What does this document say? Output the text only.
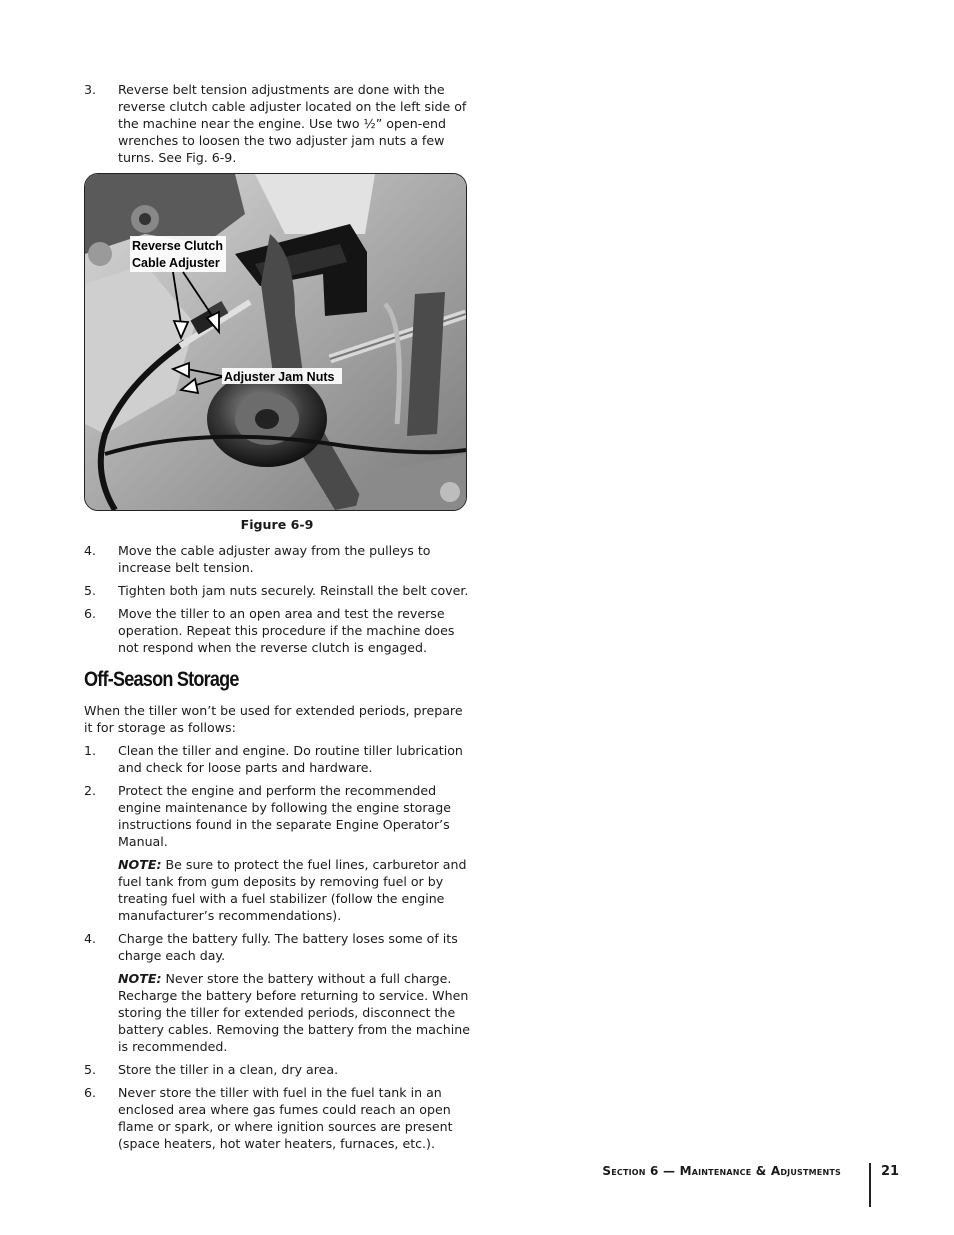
3. Reverse belt tension adjustments are done with the reverse clutch cable adjuster located on the left side of the machine near the engine. Use two ½” open-end wrenches to loosen the two adjuster jam nuts a few turns. See Fig. 6-9.
Reverse Clutch
Cable Adjuster
Adjuster Jam Nuts
Figure 6-9
4. Move the cable adjuster away from the pulleys to increase belt tension.
5. Tighten both jam nuts securely. Reinstall the belt cover.
6. Move the tiller to an open area and test the reverse operation. Repeat this procedure if the machine does not respond when the reverse clutch is engaged.
Off-Season Storage
When the tiller won’t be used for extended periods, prepare it for storage as follows:
1. Clean the tiller and engine. Do routine tiller lubrication and check for loose parts and hardware.
2. Protect the engine and perform the recommended engine maintenance by following the engine storage instructions found in the separate Engine Operator’s Manual.
NOTE: Be sure to protect the fuel lines, carburetor and fuel tank from gum deposits by removing fuel or by treating fuel with a fuel stabilizer (follow the engine manufacturer’s recommendations).
4. Charge the battery fully. The battery loses some of its charge each day.
NOTE: Never store the battery without a full charge. Recharge the battery before returning to service. When storing the tiller for extended periods, disconnect the battery cables. Removing the battery from the machine is recommended.
5. Store the tiller in a clean, dry area.
6. Never store the tiller with fuel in the fuel tank in an enclosed area where gas fumes could reach an open flame or spark, or where ignition sources are present (space heaters, hot water heaters, furnaces, etc.).
Section 6 — Maintenance & Adjustments	21
